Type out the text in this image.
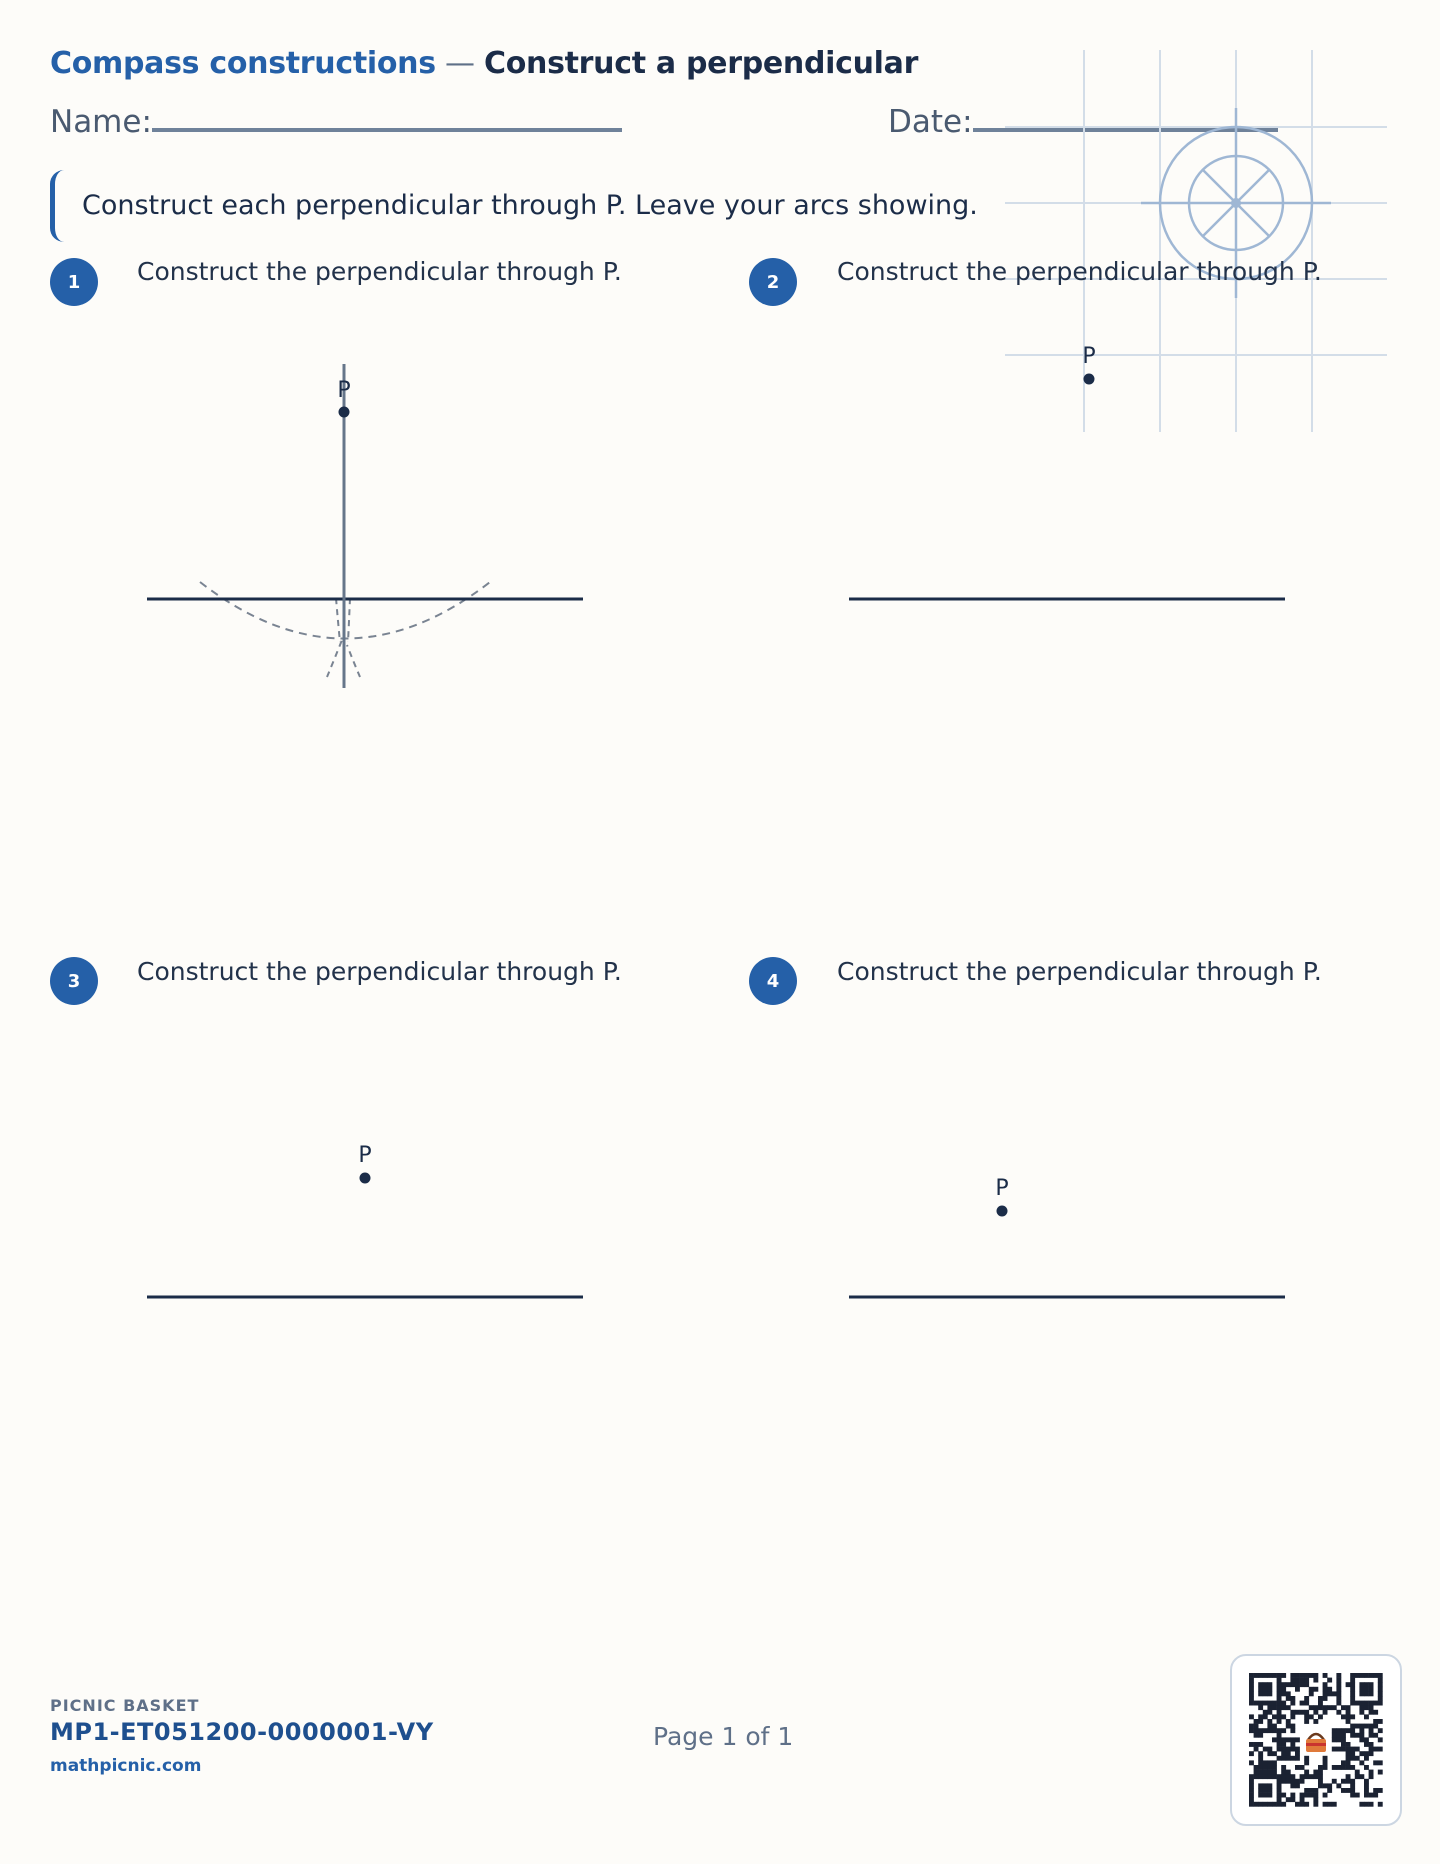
Compass constructions — Construct a perpendicular
Name:	Date:
Construct each perpendicular through P. Leave your arcs showing.
1	Construct the perpendicular through P.	2	Construct the perpendicular through P.
3	Construct the perpendicular through P.	4	Construct the perpendicular through P.
P
P
P
P
PICNIC BASKET
MP1-ET051200-0000001-VY
mathpicnic.com
Page 1 of 1
